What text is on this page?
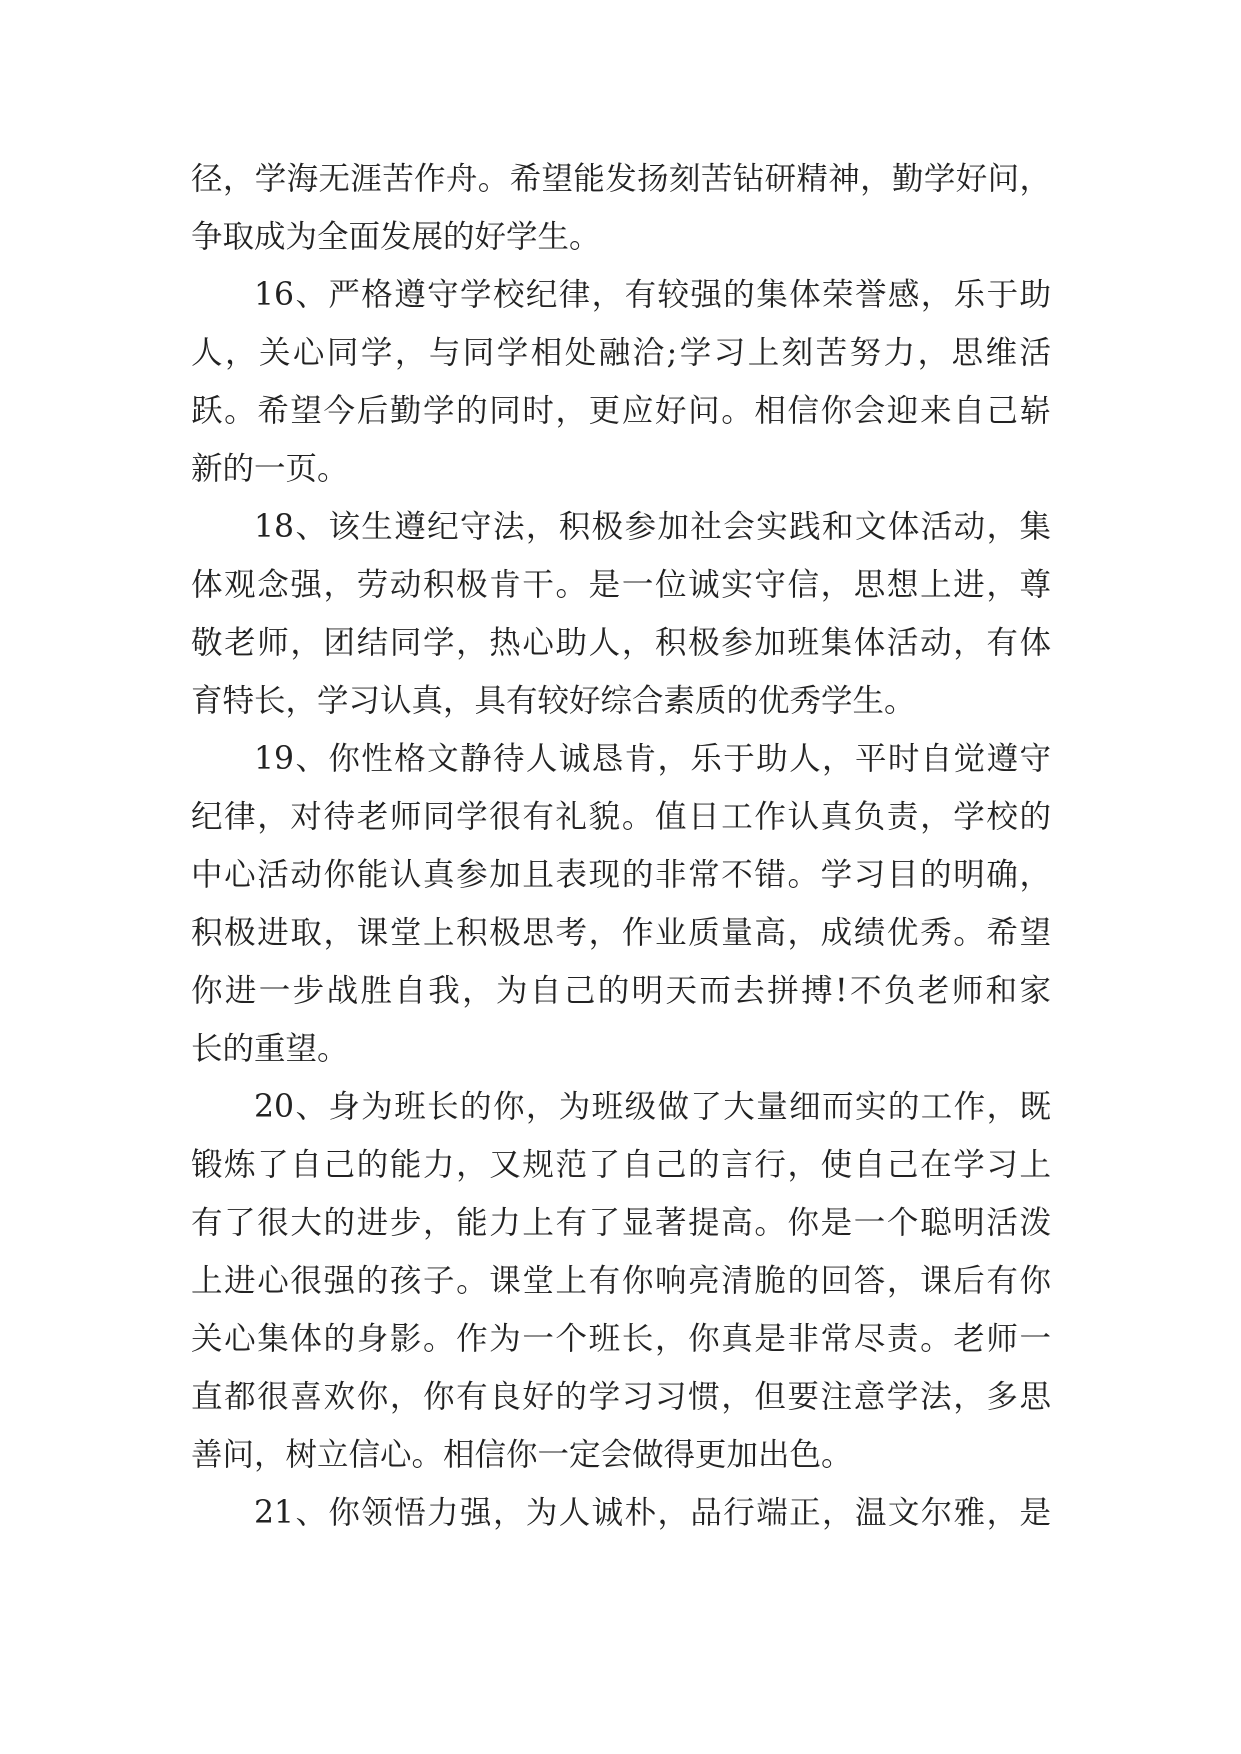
径，学海无涯苦作舟。希望能发扬刻苦钻研精神，勤学好问，
争取成为全面发展的好学生。
16、严格遵守学校纪律，有较强的集体荣誉感，乐于助
人，关心同学，与同学相处融洽;学习上刻苦努力，思维活
跃。希望今后勤学的同时，更应好问。相信你会迎来自己崭
新的一页。
18、该生遵纪守法，积极参加社会实践和文体活动，集
体观念强，劳动积极肯干。是一位诚实守信，思想上进，尊
敬老师，团结同学，热心助人，积极参加班集体活动，有体
育特长，学习认真，具有较好综合素质的优秀学生。
19、你性格文静待人诚恳肯，乐于助人，平时自觉遵守
纪律，对待老师同学很有礼貌。值日工作认真负责，学校的
中心活动你能认真参加且表现的非常不错。学习目的明确，
积极进取，课堂上积极思考，作业质量高，成绩优秀。希望
你进一步战胜自我，为自己的明天而去拼搏!不负老师和家
长的重望。
20、身为班长的你，为班级做了大量细而实的工作，既
锻炼了自己的能力，又规范了自己的言行，使自己在学习上
有了很大的进步，能力上有了显著提高。你是一个聪明活泼
上进心很强的孩子。课堂上有你响亮清脆的回答，课后有你
关心集体的身影。作为一个班长，你真是非常尽责。老师一
直都很喜欢你，你有良好的学习习惯，但要注意学法，多思
善问，树立信心。相信你一定会做得更加出色。
21、你领悟力强，为人诚朴，品行端正，温文尔雅，是
